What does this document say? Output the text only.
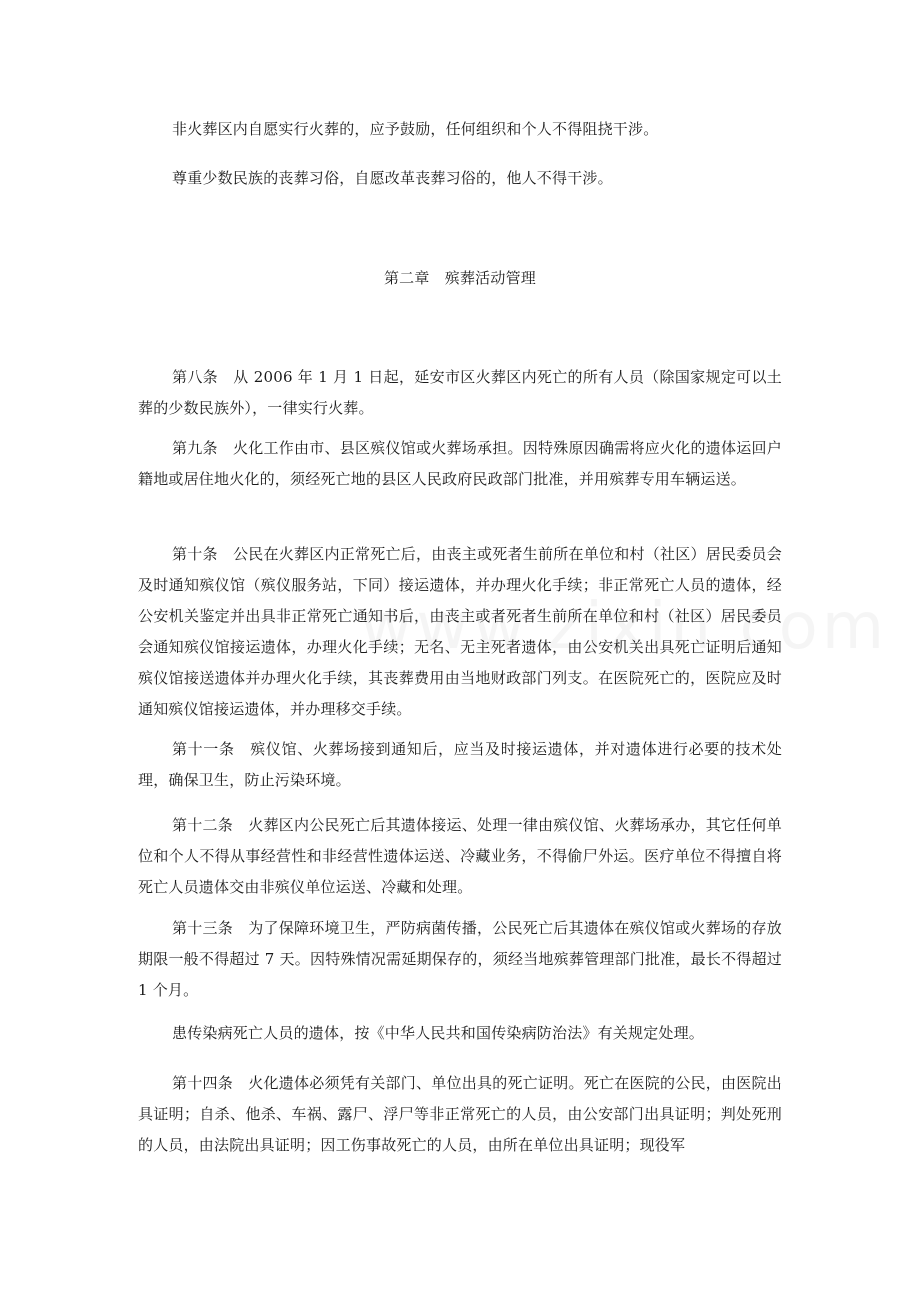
非火葬区内自愿实行火葬的，应予鼓励，任何组织和个人不得阻挠干涉。

尊重少数民族的丧葬习俗，自愿改革丧葬习俗的，他人不得干涉。

第二章　殡葬活动管理

第八条　从 2006 年 1 月 1 日起，延安市区火葬区内死亡的所有人员（除国家规定可以土葬的少数民族外），一律实行火葬。

第九条　火化工作由市、县区殡仪馆或火葬场承担。因特殊原因确需将应火化的遗体运回户籍地或居住地火化的，须经死亡地的县区人民政府民政部门批准，并用殡葬专用车辆运送。

第十条　公民在火葬区内正常死亡后，由丧主或死者生前所在单位和村（社区）居民委员会及时通知殡仪馆（殡仪服务站，下同）接运遗体，并办理火化手续；非正常死亡人员的遗体，经公安机关鉴定并出具非正常死亡通知书后，由丧主或者死者生前所在单位和村（社区）居民委员会通知殡仪馆接运遗体，办理火化手续；无名、无主死者遗体，由公安机关出具死亡证明后通知殡仪馆接送遗体并办理火化手续，其丧葬费用由当地财政部门列支。在医院死亡的，医院应及时通知殡仪馆接运遗体，并办理移交手续。

第十一条　殡仪馆、火葬场接到通知后，应当及时接运遗体，并对遗体进行必要的技术处理，确保卫生，防止污染环境。

第十二条　火葬区内公民死亡后其遗体接运、处理一律由殡仪馆、火葬场承办，其它任何单位和个人不得从事经营性和非经营性遗体运送、冷藏业务，不得偷尸外运。医疗单位不得擅自将死亡人员遗体交由非殡仪单位运送、冷藏和处理。

第十三条　为了保障环境卫生，严防病菌传播，公民死亡后其遗体在殡仪馆或火葬场的存放期限一般不得超过 7 天。因特殊情况需延期保存的，须经当地殡葬管理部门批准，最长不得超过 1 个月。

患传染病死亡人员的遗体，按《中华人民共和国传染病防治法》有关规定处理。

第十四条　火化遗体必须凭有关部门、单位出具的死亡证明。死亡在医院的公民，由医院出具证明；自杀、他杀、车祸、露尸、浮尸等非正常死亡的人员，由公安部门出具证明；判处死刑的人员，由法院出具证明；因工伤事故死亡的人员，由所在单位出具证明；现役军
